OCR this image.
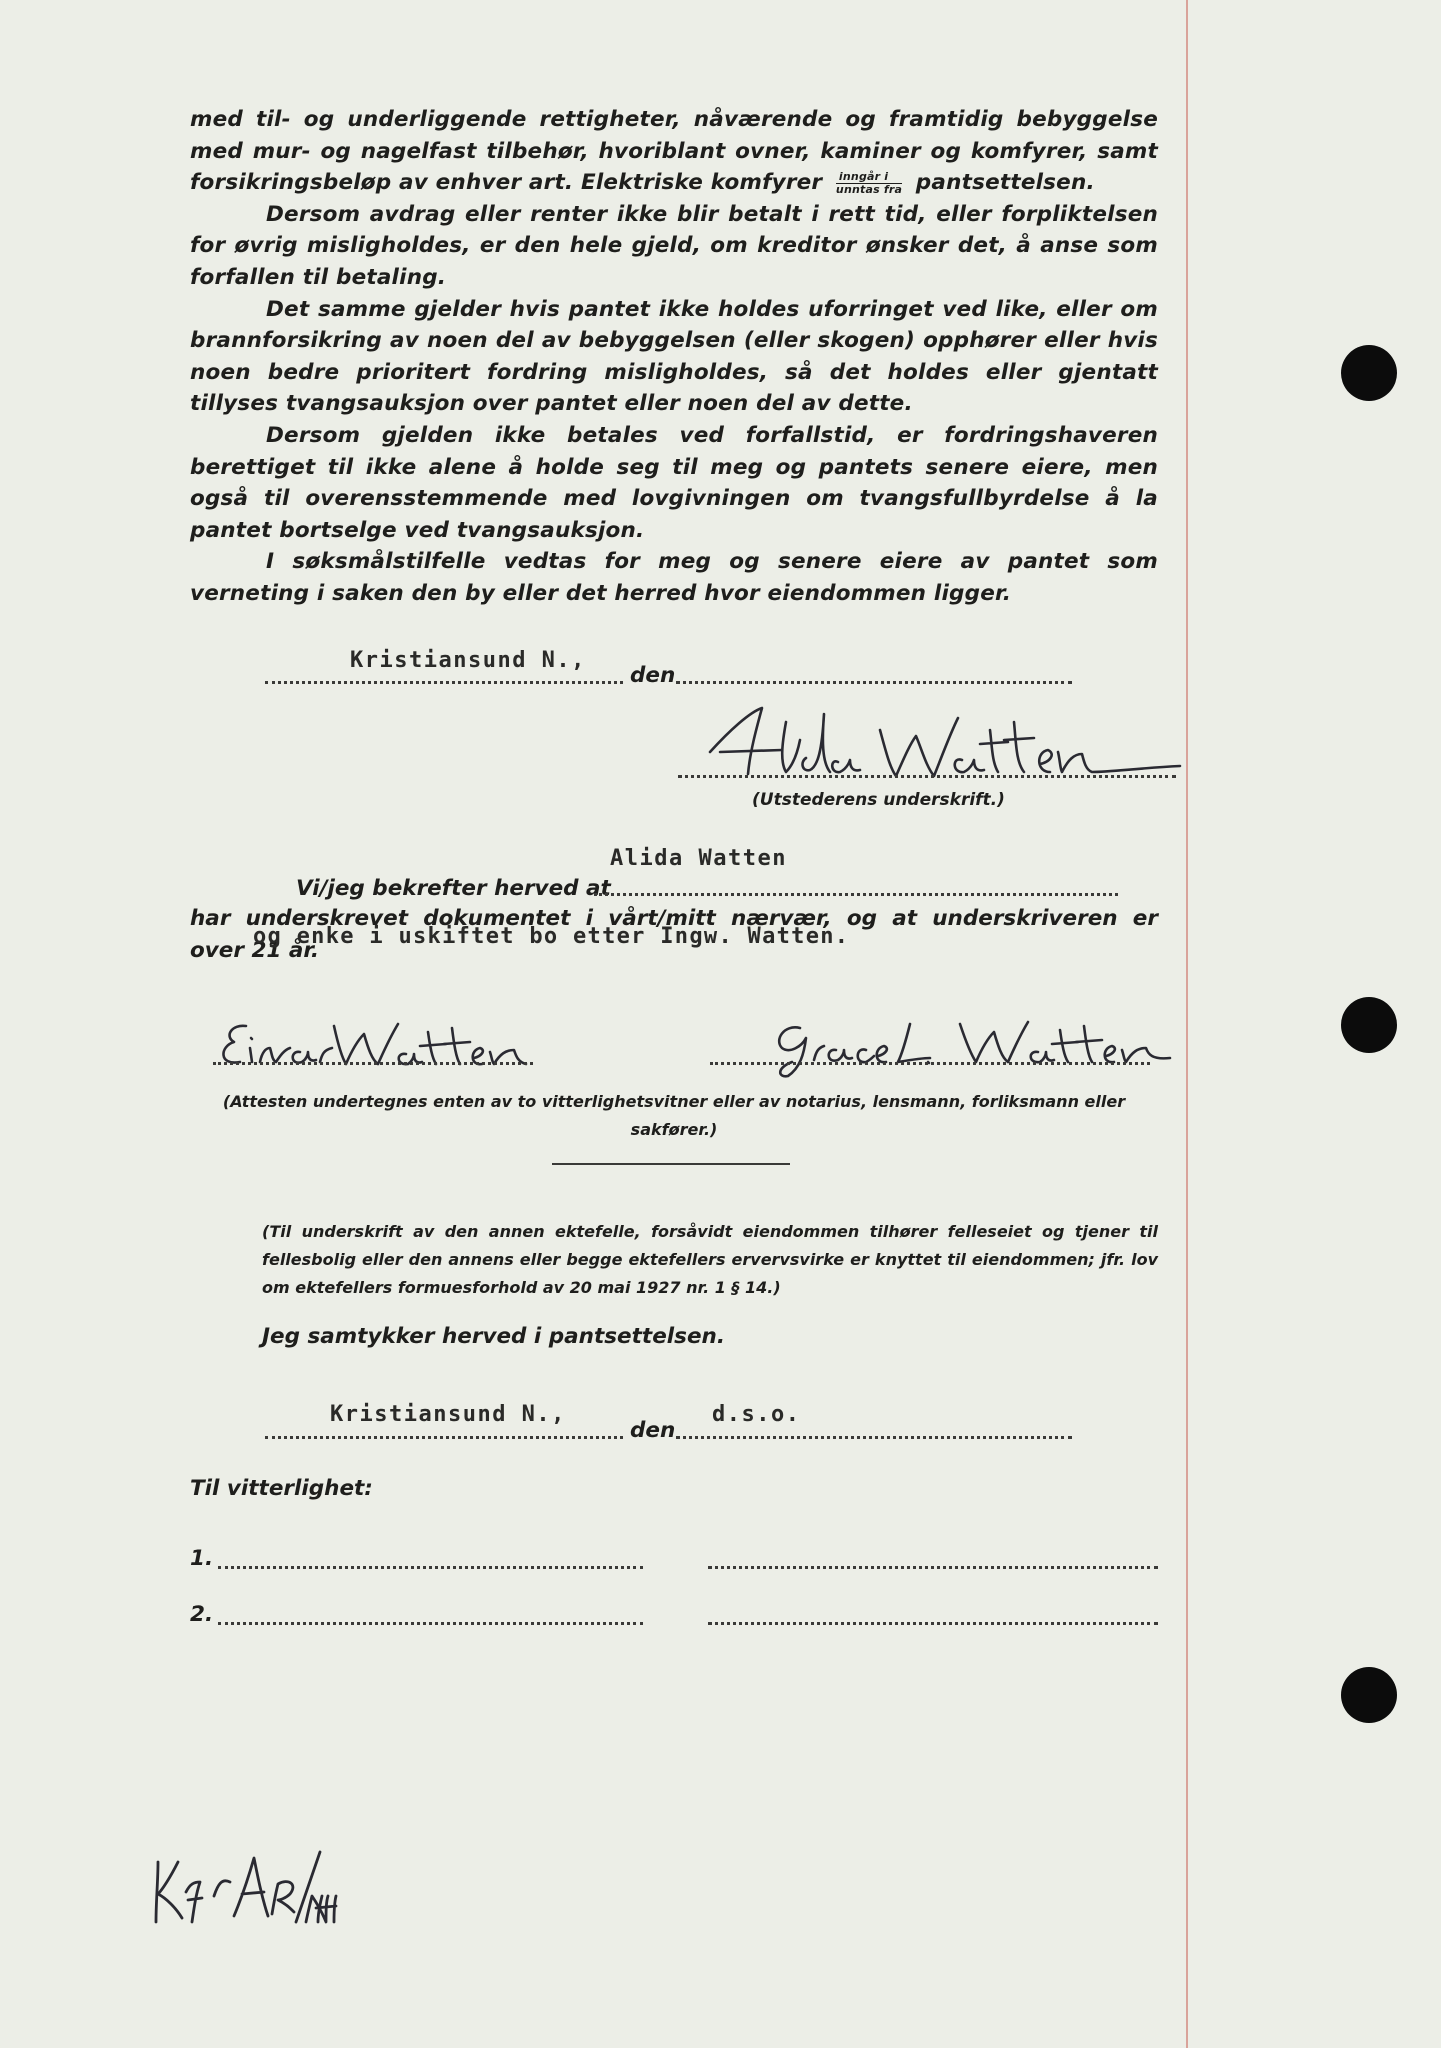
med til- og underliggende rettigheter, nåværende og framtidig bebyggelse med mur- og nagelfast tilbehør, hvoriblant ovner, kaminer og komfyrer, samt forsikringsbeløp av enhver art. Elektriske komfyrer $\frac{\text{inngår i}}{\text{unntas fra}}$ pantsettelsen.

Dersom avdrag eller renter ikke blir betalt i rett tid, eller forpliktelsen for øvrig misligholdes, er den hele gjeld, om kreditor ønsker det, å anse som forfallen til betaling.

Det samme gjelder hvis pantet ikke holdes uforringet ved like, eller om brannforsikring av noen del av bebyggelsen (eller skogen) opphører eller hvis noen bedre prioritert fordring misligholdes, så det holdes eller gjentatt tillyses tvangsauksjon over pantet eller noen del av dette.

Dersom gjelden ikke betales ved forfallstid, er fordringshaveren berettiget til ikke alene å holde seg til meg og pantets senere eiere, men også til overensstemmende med lovgivningen om tvangsfullbyrdelse å la pantet bortselge ved tvangsauksjon.

I søksmålstilfelle vedtas for meg og senere eiere av pantet som verneting i saken den by eller det herred hvor eiendommen ligger.

Kristiansund N.,
den
(Utstederens underskrift.)
Alida Watten
Vi/jeg bekrefter herved at
har underskrevet dokumentet i vårt/mitt nærvær, og at underskriveren er
over 21 år.
og enke i uskiftet bo etter Ingw. Watten.
(Attesten undertegnes enten av to vitterlighetsvitner eller av notarius, lensmann, forliksmann eller sakfører.)
(Til underskrift av den annen ektefelle, forsåvidt eiendommen tilhører felleseiet og tjener til fellesbolig eller den annens eller begge ektefellers ervervsvirke er knyttet til eiendommen; jfr. lov om ektefellers formuesforhold av 20 mai 1927 nr. 1 § 14.)
Jeg samtykker herved i pantsettelsen.
Kristiansund N.,
den
d.s.o.
Til vitterlighet:
1.
2.
